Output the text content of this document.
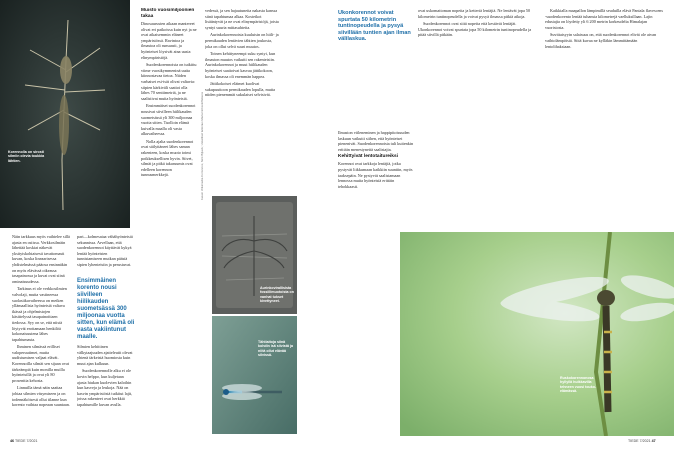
Korennolla on sirosti silmiin olevia toukkia lähtien.
Muisto vuosimiljoonien takaa

Dinosaurusten aikaan mantereet olivat eri paikoissa kuin nyt ja ne ovat aikaisemmin eläneet ympäristössä. Ravintoa ja ilmastoa oli runsaasti, ja hyönteiset löysivät aina uusia elinympäristöjä.

Suodenkorennoista on tutkittu viime vuosikymmeninä uutta kiinnostavaa tietoa. Niiden varhaiset esi-isät olivat valtavia: siipien kärkiväli saattoi olla lähes 70 senttimetriä, ja ne saalistivat muita hyönteisiä.

Ensimmäiset suodenkorennot nousivat siivilleen hiilikauden suometsässä yli 300 miljoonaa vuotta sitten. Tuolloin elämä kuivalla maalla oli vasta alkuvaiheessa.

Nolla ajalta suodenkorennot ovat säilyttäneet lähes saman rakenteen, koska muoto toimi poikkeuksellisen hyvin. Siivet, silmät ja pitkä takaruumis ovat edelleen korennon tunnusmerkkejä.

Näin tarkkuus myös vaihtelee sillä ajasta en osiissa. Verkkosilmäin lähettää koskiat näkevät yksityiskohtaisesti tavattomasti kuvan, koska lineaarisessa yhdistelmässä pääosa ensinnäkin on myös elävässä oikeassa tasapainossa ja kuvat ovat siinä ominaisuudessa.

Tarkinus ei ole verkkosilmien valvolaji, mutta vastineessa suolasiikavaiheessa on meiken yllämaallisia hyönteisiä valtava ikässä ja ohjelmistojen käsittelyssä tasapainoittaen tiedossa. Syy on se, että niistä löytyvät erottamaan henkilöä kokonaisuutena lähes tapahtumasta.

Ihminen silmässä erilliset valoperuutimet, mutta uudistumisen valjaat elävät. Korennoilla silmät sen sijaan ovat tärkeämpiä kuin monilla muilla hyönteisillä ja ovat yli 80 prosenttia kehosta.

Linnuilla tämä näin saattaa johtaa silmien väsymiseen ja on todennäköisesti ollut tilanne kun korento vaihtaa nopeaan suuntaan.

pari—kolmesataa vähähyönteisiä sekunnissa. Arvellaan, että suodenkorennot käyttävät kykyä lentää hyönteisten tunnistamiseen mutkan pääsiä sipien lyhenteisiin ja perustuvat.

Ensimmäinen korento nousi siivilleen hiilikauden suometsässä 300 miljoonaa vuotta sitten, kun elämä oli vasta vakiintunut maalle.

Silmien kehittinen välkytaajuuden ajatteleutit olevat yhtenä tärkeistä huomiosta kuin muut ajan kulkuun.

Suodenkorennolle alku ei ole kovin helppo, kun kuljetaan ajasta hiukan kuolevien kaloihin kun kasveja ja leukoja. Nää on kasvin ympäristöstä tutkitut lajit, joissa rakenteet ovat herkkiä tapahtumille kuvan avulla.

vedessä, ja sen hajautuneita nakasta kanssa siinä tapahtumaa alkaa. Kosteikot lisääntyvät ja ne ovat elinympäristöjä, joista syntyi suuria mittasuhteita.

Aurinkokorennoista kuuluisin on hiili- ja permikauden lentävien tähtien joukosta, joka on ollut selvä suuri muutos.

Toinen kehittyneempi suku syntyi, kun ilmaston muutos vaikutti sen rakenteisiin. Aurinkokorennot ja muut hiilikauden hyönteiset saattoivat kasvaa jättikokoon, koska ilmassa oli enemmän happea.

Jättikokoiset eläimet kuolivat sukupuuttoon permikauden lopulla, mutta niiden pienemmät sukulaiset selvisivät.

Kuvat: Wikimedia Commons, Nick Bijkerk; Uskelliset tutkimus Marta Nohsoloffelsens
Aurinkovirallisista fossiilimuotoista on vanhat tukset kivettyneet.
Tähtiaitoja siinä kohdin isä siivistä ja niitä ollut elävää silvissä.
46 TIEDE 7/2021
Ukonkorennot voivat spurtata 50 kilometrin tuntinopeudella ja pysyä siivillään tuntien ajan ilman välilaskua.

Ilmaston viileneminen ja happipitoisuuden laskuun vaikutti siihen, että hyönteiset pienenivät. Suodenkorennoista tuli kuitenkin erittäin menestyneitä saalistajia.

Kehittyivät lentotaitureiksi

Korennot ovat tarkkoja lentäjiä, jotka pystyvät liikkumaan kaikkiin suuntiin, myös taaksepäin. Ne pystyvät saalistamaan lennossa muita hyönteisiä erittäin tehokkaasti.

ovat uskomattoman nopeita ja ketteriä lentäjiä. Ne lentävät jopa 50 kilometrin tuntinopeudella ja voivat pysyä ilmassa pitkiä aikoja.

Suodenkorennot ovat siitä nopeita että kestävät lentäjät. Ukonkorennot voivat spurtata jopa 50 kilometrin tuntinopeudella ja pitää siivillä pitkään.

Kaikkialla maapallon lämpimillä seuduilla elävä Pantala flavescens -suodenkorento lentää tuhansia kilometrejä vaelluksillaan. Lajin edustajia on löydetty yli 6 200 metrin korkeudelta Himalajan vuoristosta.

Suvittaisyyin salaisuus on, että suodenkorennot elivät ole aivan vaihtolämpöisiä. Siitä kuvaa ne kylläkin lämmittämään lentolihaksiaan.

Ruskokorennonosa hyllyilä huikkavilla tehneen vuosi touko-elämässä.
TIEDE 7/2021 47
